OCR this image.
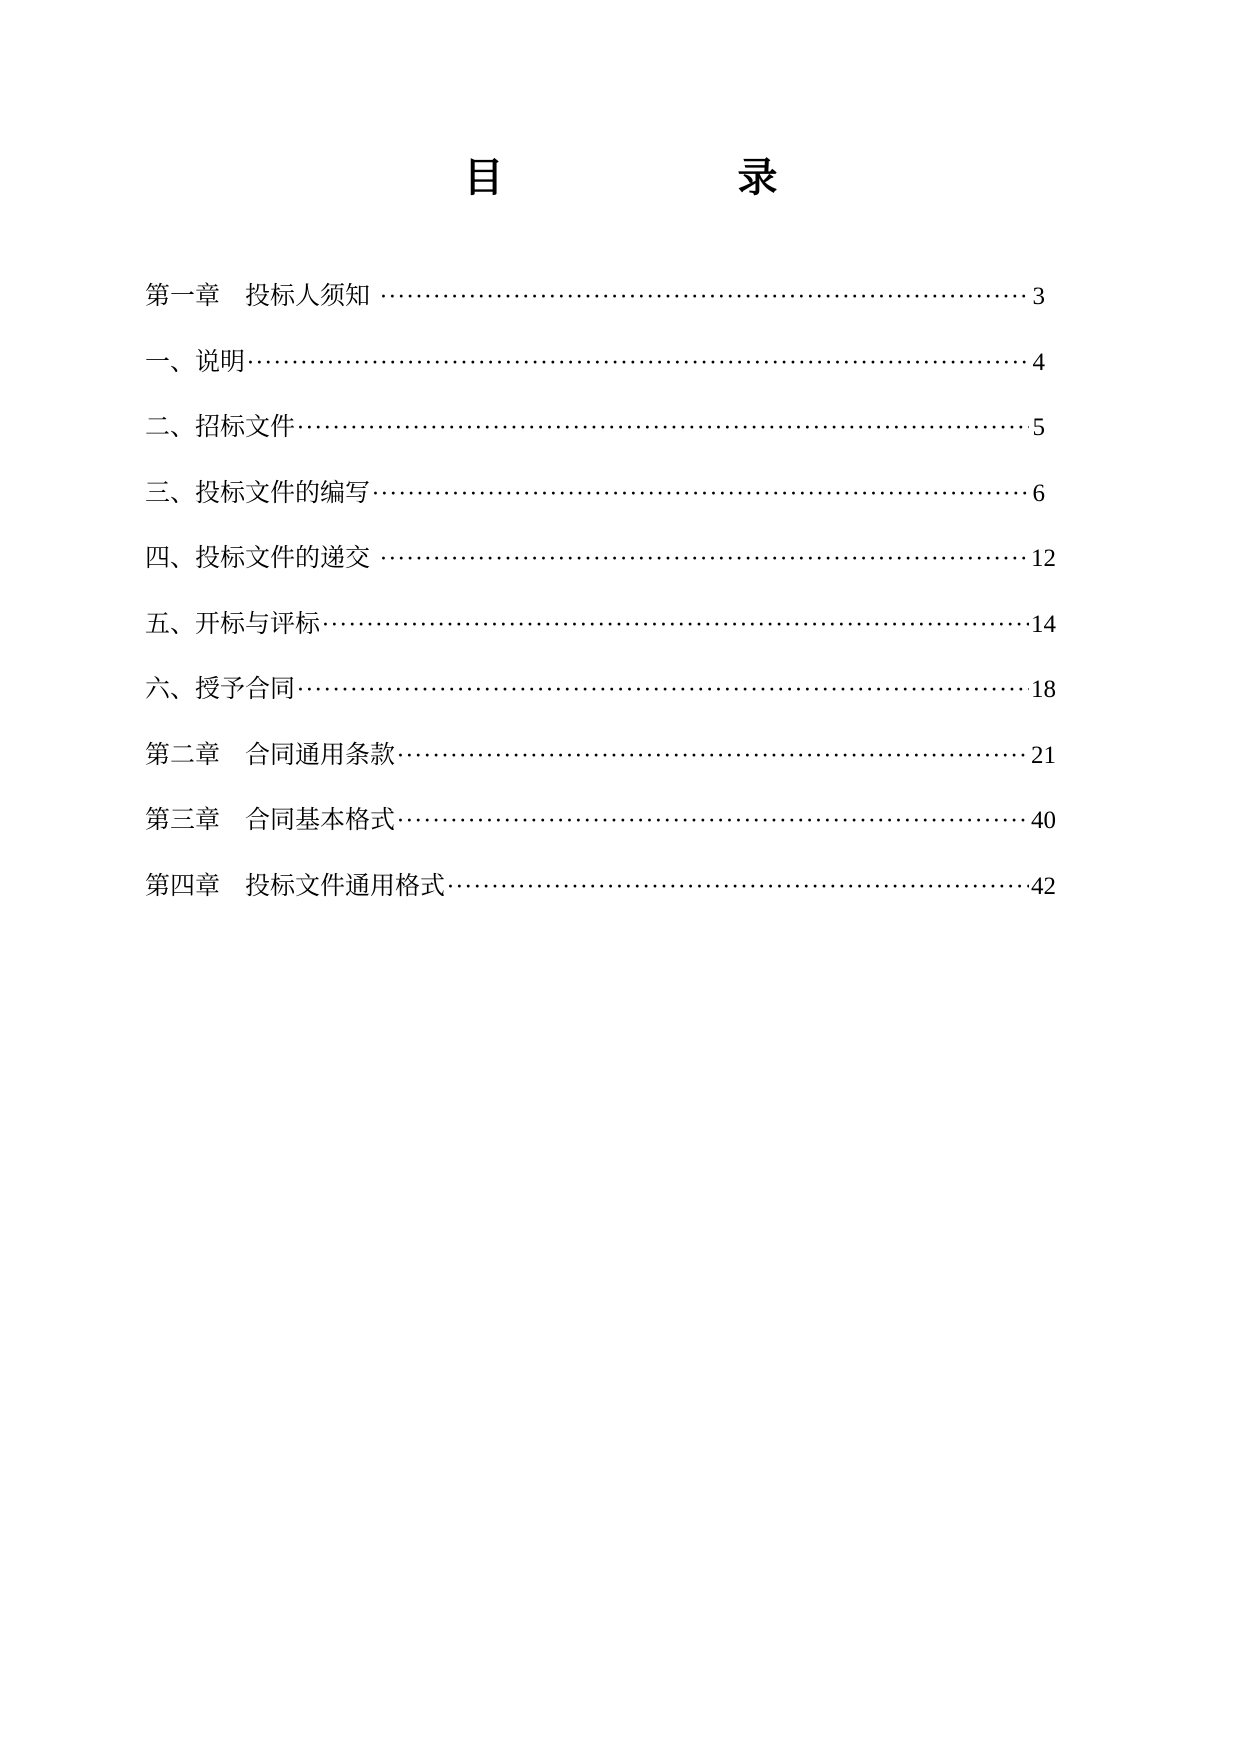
目 录
第一章　投标人须知 ·····	3
一、说明 ·····	4
二、招标文件 ·····	5
三、投标文件的编写 ·····	6
四、投标文件的递交 ·····	12
五、开标与评标 ·····	14
六、授予合同 ·····	18
第二章　合同通用条款 ·····	21
第三章　合同基本格式 ·····	40
第四章　投标文件通用格式 ·····	42
